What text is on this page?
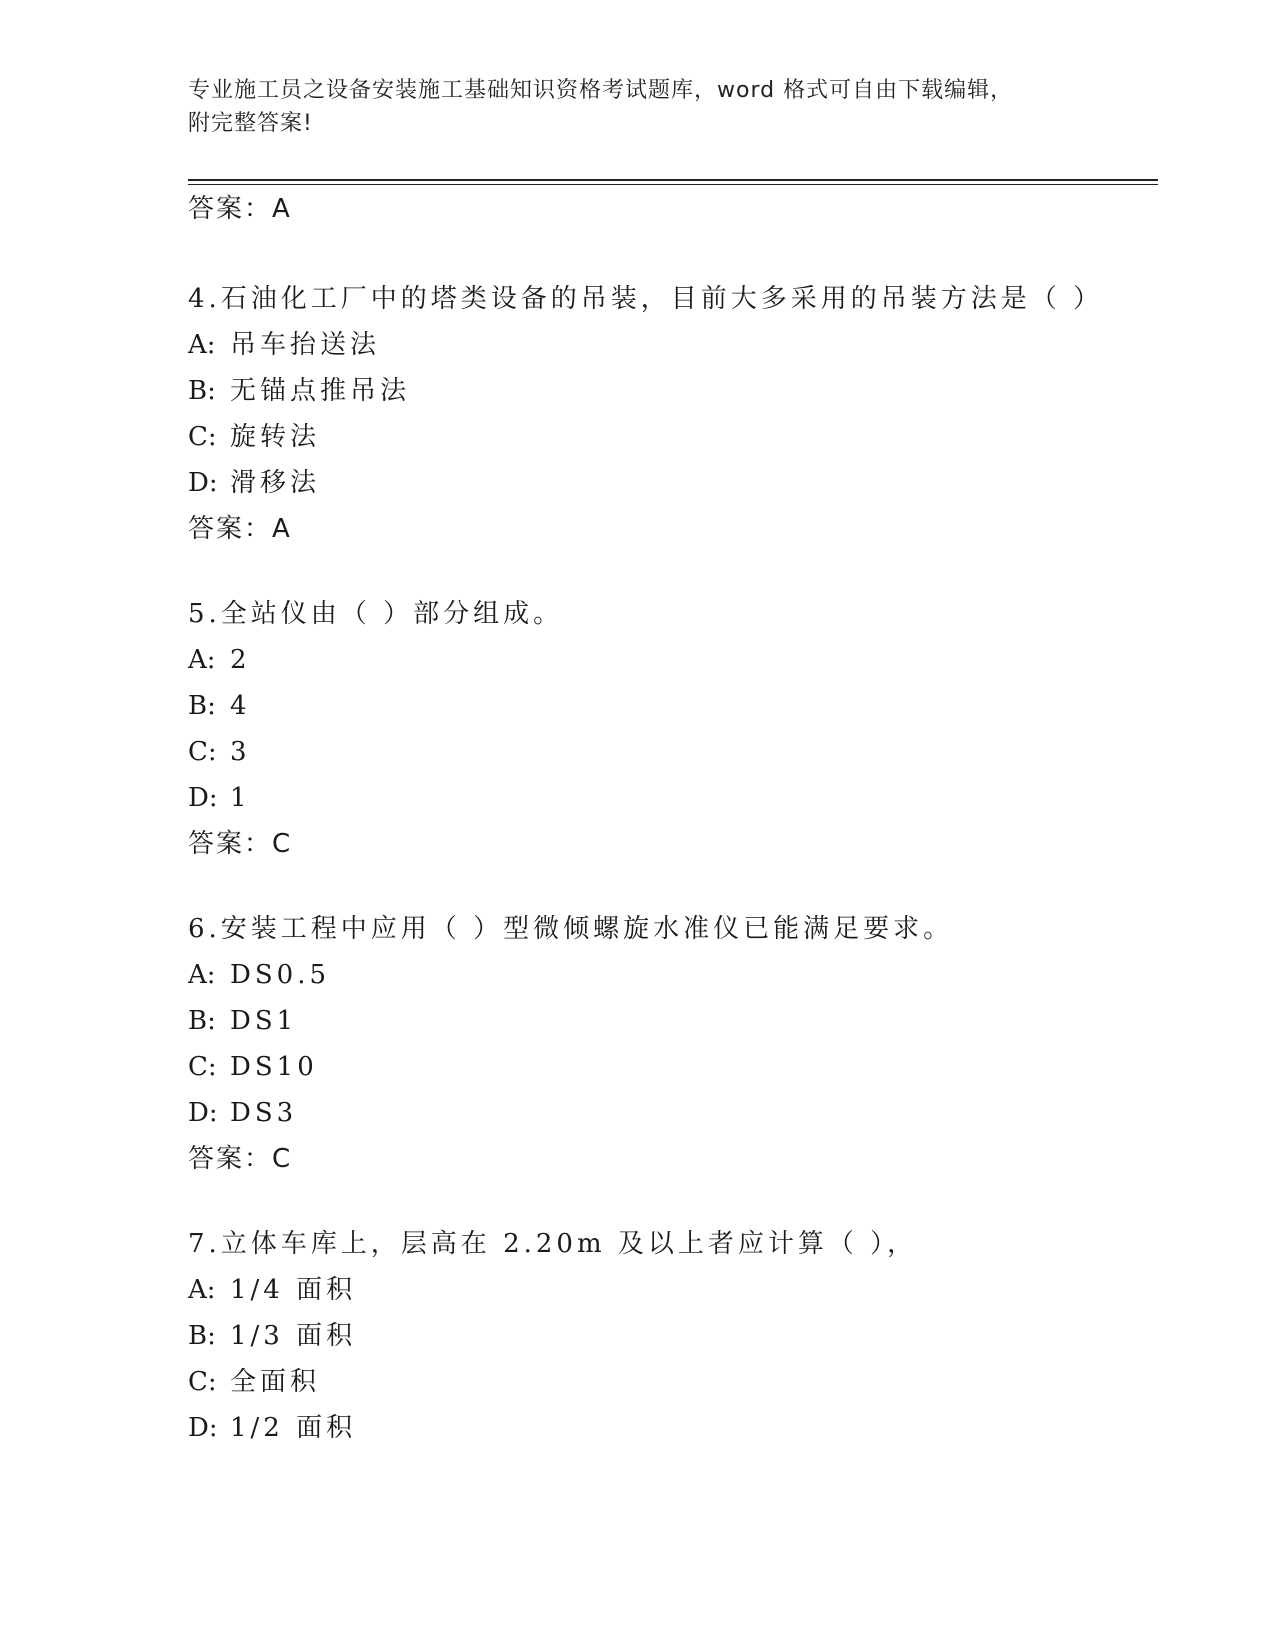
专业施工员之设备安装施工基础知识资格考试题库，word 格式可自由下载编辑，
附完整答案!
答案：A
4.石油化工厂中的塔类设备的吊装，目前大多采用的吊装方法是（ ）
A: 吊车抬送法
B: 无锚点推吊法
C: 旋转法
D: 滑移法
答案：A
5.全站仪由（ ）部分组成。
A: 2
B: 4
C: 3
D: 1
答案：C
6.安装工程中应用（ ）型微倾螺旋水准仪已能满足要求。
A: DS0.5
B: DS1
C: DS10
D: DS3
答案：C
7.立体车库上，层高在 2.20m 及以上者应计算（ ），
A: 1/4 面积
B: 1/3 面积
C: 全面积
D: 1/2 面积
